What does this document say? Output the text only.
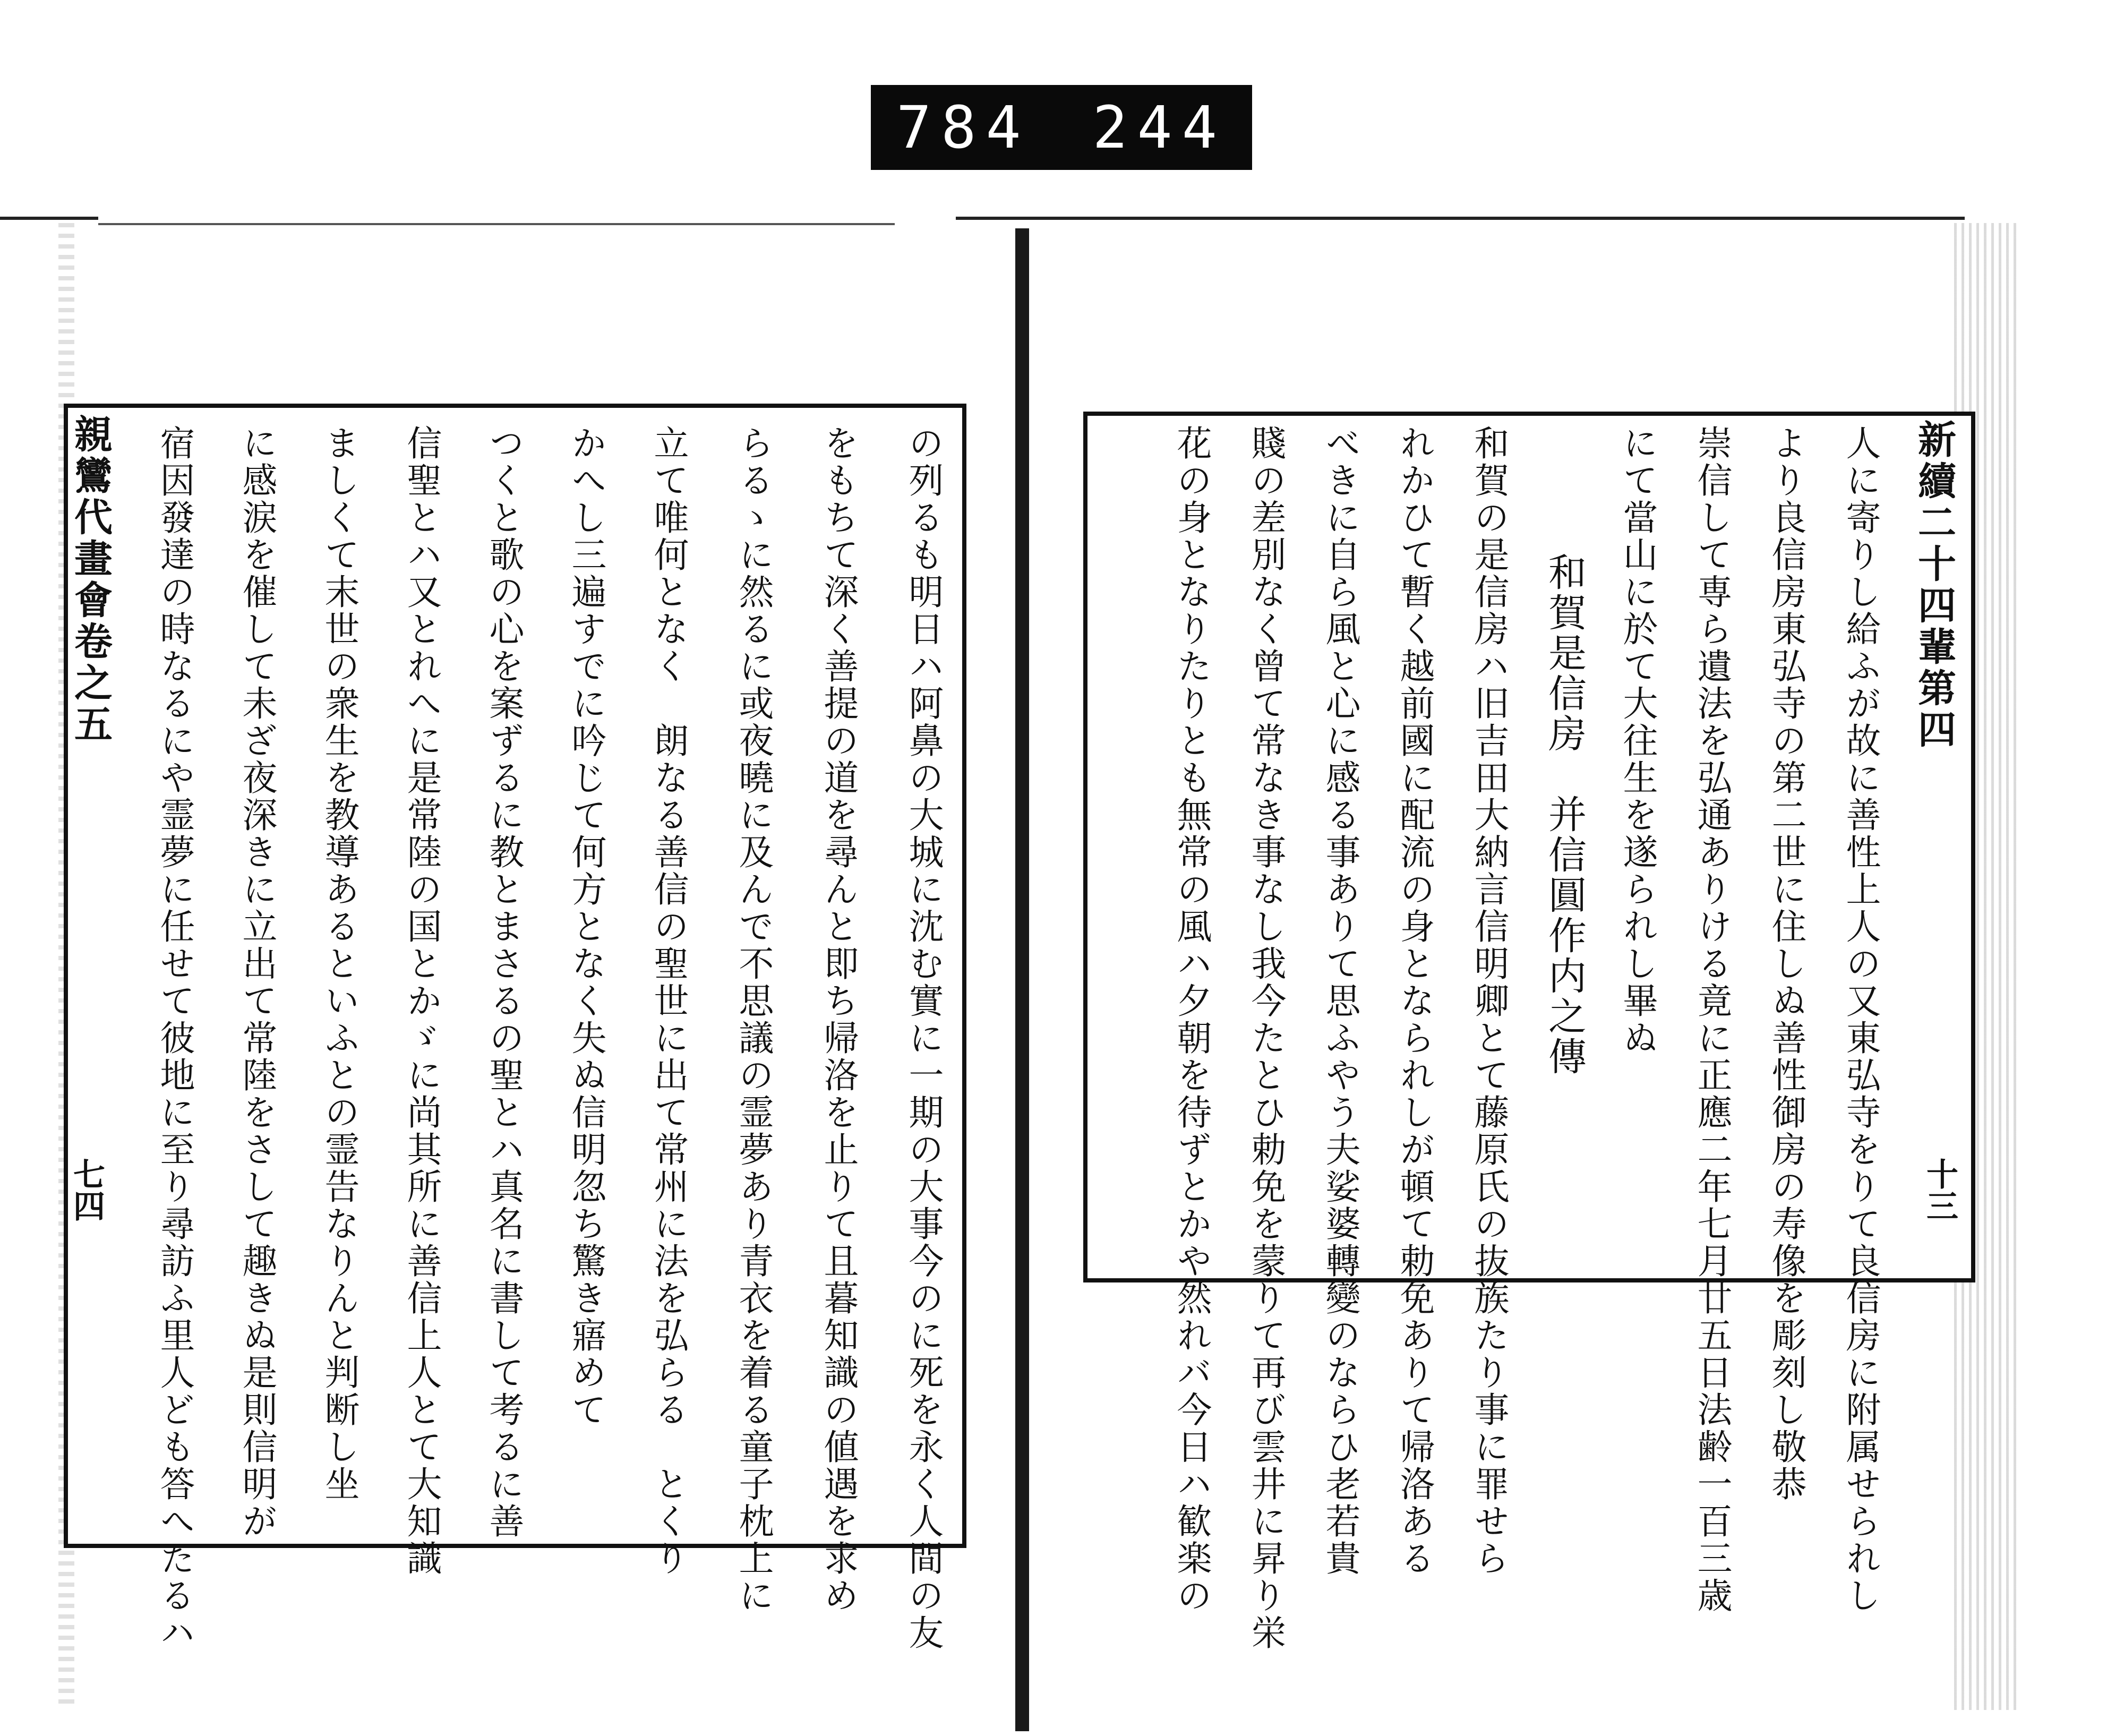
784 244
親鸞代畫會卷之五
七四	の列るも明日ハ阿鼻の大城に沈む實に一期の大事今のに死を永く人間の友
をもちて深く善提の道を尋んと即ち帰洛を止りて且暮知識の値遇を求め
らるゝに然るに或夜曉に及んで不思議の霊夢あり青衣を着る童子枕上に
立て唯何となく　朗なる善信の聖世に出て常州に法を弘らる　とくり
かへし三遍すでに吟じて何方となく失ぬ信明忽ち驚き寤めて
つくと歌の心を案ずるに教とまさるの聖とハ真名に書して考るに善
信聖とハ又とれへに是常陸の国とかゞに尚其所に善信上人とて大知識
ましくて末世の衆生を教導あるといふとの霊告なりんと判断し坐
に感涙を催して未ざ夜深きに立出て常陸をさして趣きぬ是則信明が
宿因發達の時なるにや霊夢に任せて彼地に至り尋訪ふ里人ども答へたるハ	新續二十四輩第四
十三
人に寄りし給ふが故に善性上人の又東弘寺をりて良信房に附属せられし
より良信房東弘寺の第二世に住しぬ善性御房の寿像を彫刻し敬恭
崇信して専ら遺法を弘通ありける竟に正應二年七月廿五日法齢一百三歳
にて當山に於て大往生を遂られし畢ぬ
和賀是信房　并信圓作内之傳
和賀の是信房ハ旧吉田大納言信明卿とて藤原氏の抜族たり事に罪せら
れかひて暫く越前國に配流の身となられしが頓て勅免ありて帰洛ある
べきに自ら風と心に感る事ありて思ふやう夫娑婆轉變のならひ老若貴
賤の差別なく曾て常なき事なし我今たとひ勅免を蒙りて再び雲井に昇り栄
花の身となりたりとも無常の風ハ夕朝を待ずとかや然れバ今日ハ歓楽の
